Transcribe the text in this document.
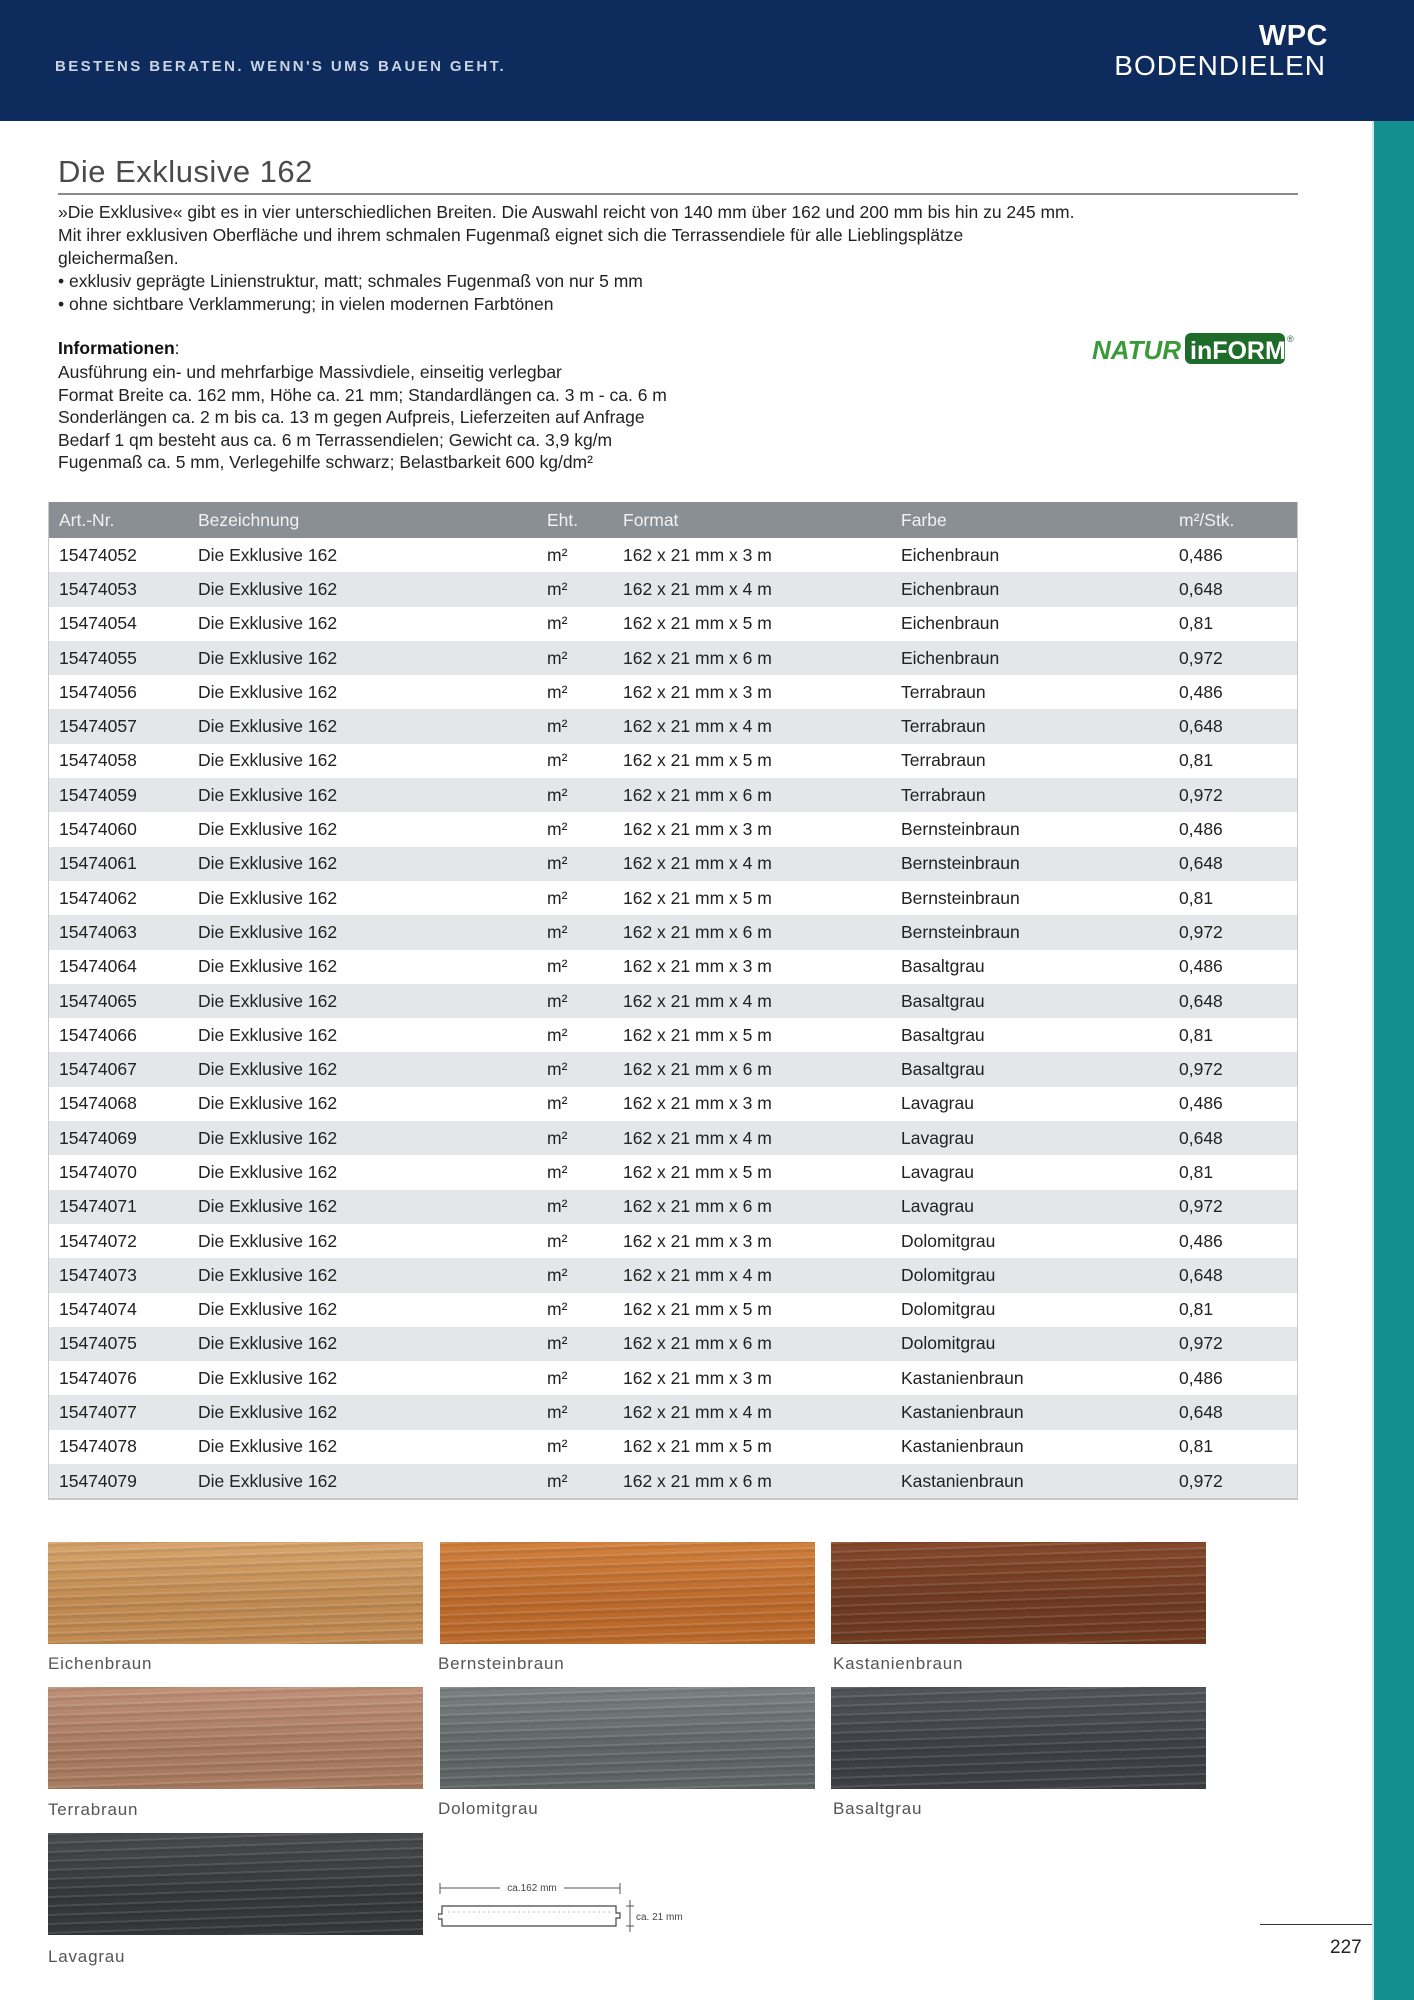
BESTENS BERATEN. WENN'S UMS BAUEN GEHT.
WPC
BODENDIELEN
Die Exklusive 162
»Die Exklusive« gibt es in vier unterschiedlichen Breiten. Die Auswahl reicht von 140 mm über 162 und 200 mm bis hin zu 245 mm. Mit ihrer exklusiven Oberfläche und ihrem schmalen Fugenmaß eignet sich die Terrassendiele für alle Lieblingsplätze gleichermaßen.
• exklusiv geprägte Linienstruktur, matt; schmales Fugenmaß von nur 5 mm
• ohne sichtbare Verklammerung; in vielen modernen Farbtönen
Informationen:
Ausführung ein- und mehrfarbige Massivdiele, einseitig verlegbar
Format Breite ca. 162 mm, Höhe ca. 21 mm; Standardlängen ca. 3 m - ca. 6 m
Sonderlängen ca. 2 m bis ca. 13 m gegen Aufpreis, Lieferzeiten auf Anfrage
Bedarf 1 qm besteht aus ca. 6 m Terrassendielen; Gewicht ca. 3,9 kg/m
Fugenmaß ca. 5 mm, Verlegehilfe schwarz; Belastbarkeit 600 kg/dm²
NATUR inFORM ®
Art.-Nr.	Bezeichnung	Eht.	Format	Farbe	m²/Stk.
15474052	Die Exklusive 162	m²	162 x 21 mm x 3 m	Eichenbraun	0,486
15474053	Die Exklusive 162	m²	162 x 21 mm x 4 m	Eichenbraun	0,648
15474054	Die Exklusive 162	m²	162 x 21 mm x 5 m	Eichenbraun	0,81
15474055	Die Exklusive 162	m²	162 x 21 mm x 6 m	Eichenbraun	0,972
15474056	Die Exklusive 162	m²	162 x 21 mm x 3 m	Terrabraun	0,486
15474057	Die Exklusive 162	m²	162 x 21 mm x 4 m	Terrabraun	0,648
15474058	Die Exklusive 162	m²	162 x 21 mm x 5 m	Terrabraun	0,81
15474059	Die Exklusive 162	m²	162 x 21 mm x 6 m	Terrabraun	0,972
15474060	Die Exklusive 162	m²	162 x 21 mm x 3 m	Bernsteinbraun	0,486
15474061	Die Exklusive 162	m²	162 x 21 mm x 4 m	Bernsteinbraun	0,648
15474062	Die Exklusive 162	m²	162 x 21 mm x 5 m	Bernsteinbraun	0,81
15474063	Die Exklusive 162	m²	162 x 21 mm x 6 m	Bernsteinbraun	0,972
15474064	Die Exklusive 162	m²	162 x 21 mm x 3 m	Basaltgrau	0,486
15474065	Die Exklusive 162	m²	162 x 21 mm x 4 m	Basaltgrau	0,648
15474066	Die Exklusive 162	m²	162 x 21 mm x 5 m	Basaltgrau	0,81
15474067	Die Exklusive 162	m²	162 x 21 mm x 6 m	Basaltgrau	0,972
15474068	Die Exklusive 162	m²	162 x 21 mm x 3 m	Lavagrau	0,486
15474069	Die Exklusive 162	m²	162 x 21 mm x 4 m	Lavagrau	0,648
15474070	Die Exklusive 162	m²	162 x 21 mm x 5 m	Lavagrau	0,81
15474071	Die Exklusive 162	m²	162 x 21 mm x 6 m	Lavagrau	0,972
15474072	Die Exklusive 162	m²	162 x 21 mm x 3 m	Dolomitgrau	0,486
15474073	Die Exklusive 162	m²	162 x 21 mm x 4 m	Dolomitgrau	0,648
15474074	Die Exklusive 162	m²	162 x 21 mm x 5 m	Dolomitgrau	0,81
15474075	Die Exklusive 162	m²	162 x 21 mm x 6 m	Dolomitgrau	0,972
15474076	Die Exklusive 162	m²	162 x 21 mm x 3 m	Kastanienbraun	0,486
15474077	Die Exklusive 162	m²	162 x 21 mm x 4 m	Kastanienbraun	0,648
15474078	Die Exklusive 162	m²	162 x 21 mm x 5 m	Kastanienbraun	0,81
15474079	Die Exklusive 162	m²	162 x 21 mm x 6 m	Kastanienbraun	0,972
Eichenbraun	Bernsteinbraun	Kastanienbraun
Terrabraun	Dolomitgrau	Basaltgrau
Lavagrau
ca.162 mm
ca. 21 mm
227
